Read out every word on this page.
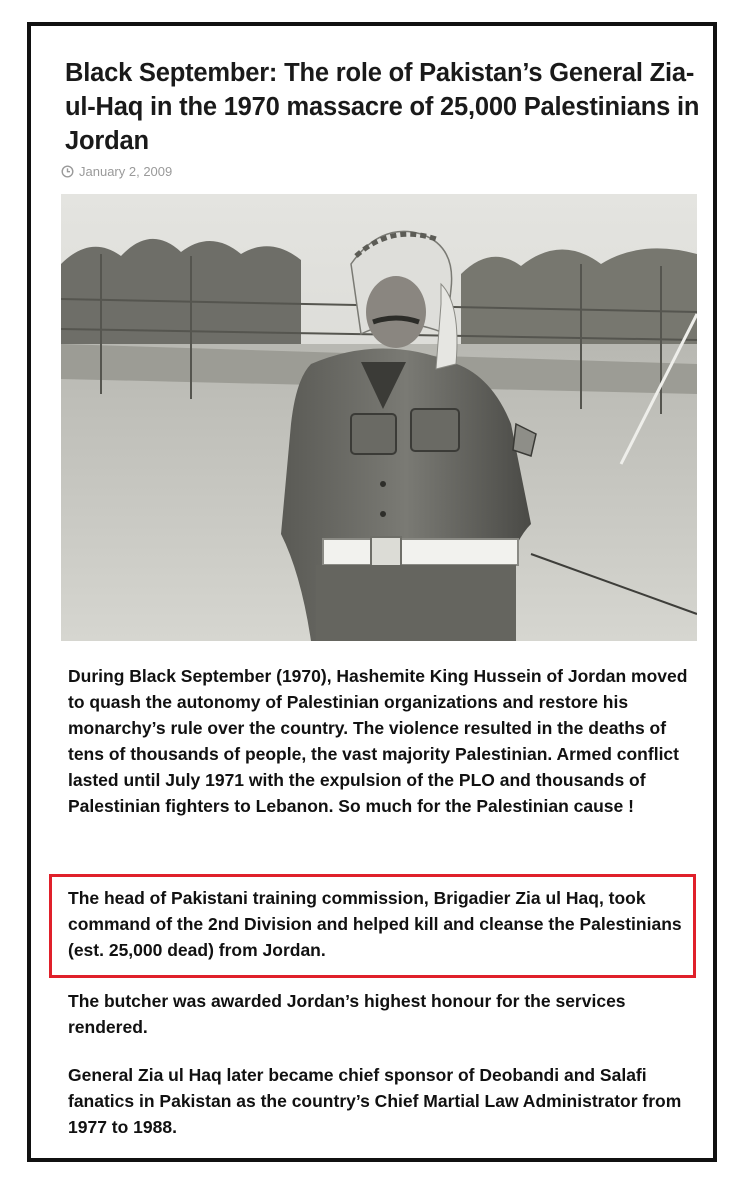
Black September: The role of Pakistan’s General Zia-ul-Haq in the 1970 massacre of 25,000 Palestinians in Jordan
January 2, 2009

During Black September (1970), Hashemite King Hussein of Jordan moved to quash the autonomy of Palestinian organizations and restore his monarchy’s rule over the country. The violence resulted in the deaths of tens of thousands of people, the vast majority Palestinian. Armed conflict lasted until July 1971 with the expulsion of the PLO and thousands of Palestinian fighters to Lebanon. So much for the Palestinian cause !

The head of Pakistani training commission, Brigadier Zia ul Haq, took command of the 2nd Division and helped kill and cleanse the Palestinians (est. 25,000 dead) from Jordan.

The butcher was awarded Jordan’s highest honour for the services rendered.

General Zia ul Haq later became chief sponsor of Deobandi and Salafi fanatics in Pakistan as the country’s Chief Martial Law Administrator from 1977 to 1988.
